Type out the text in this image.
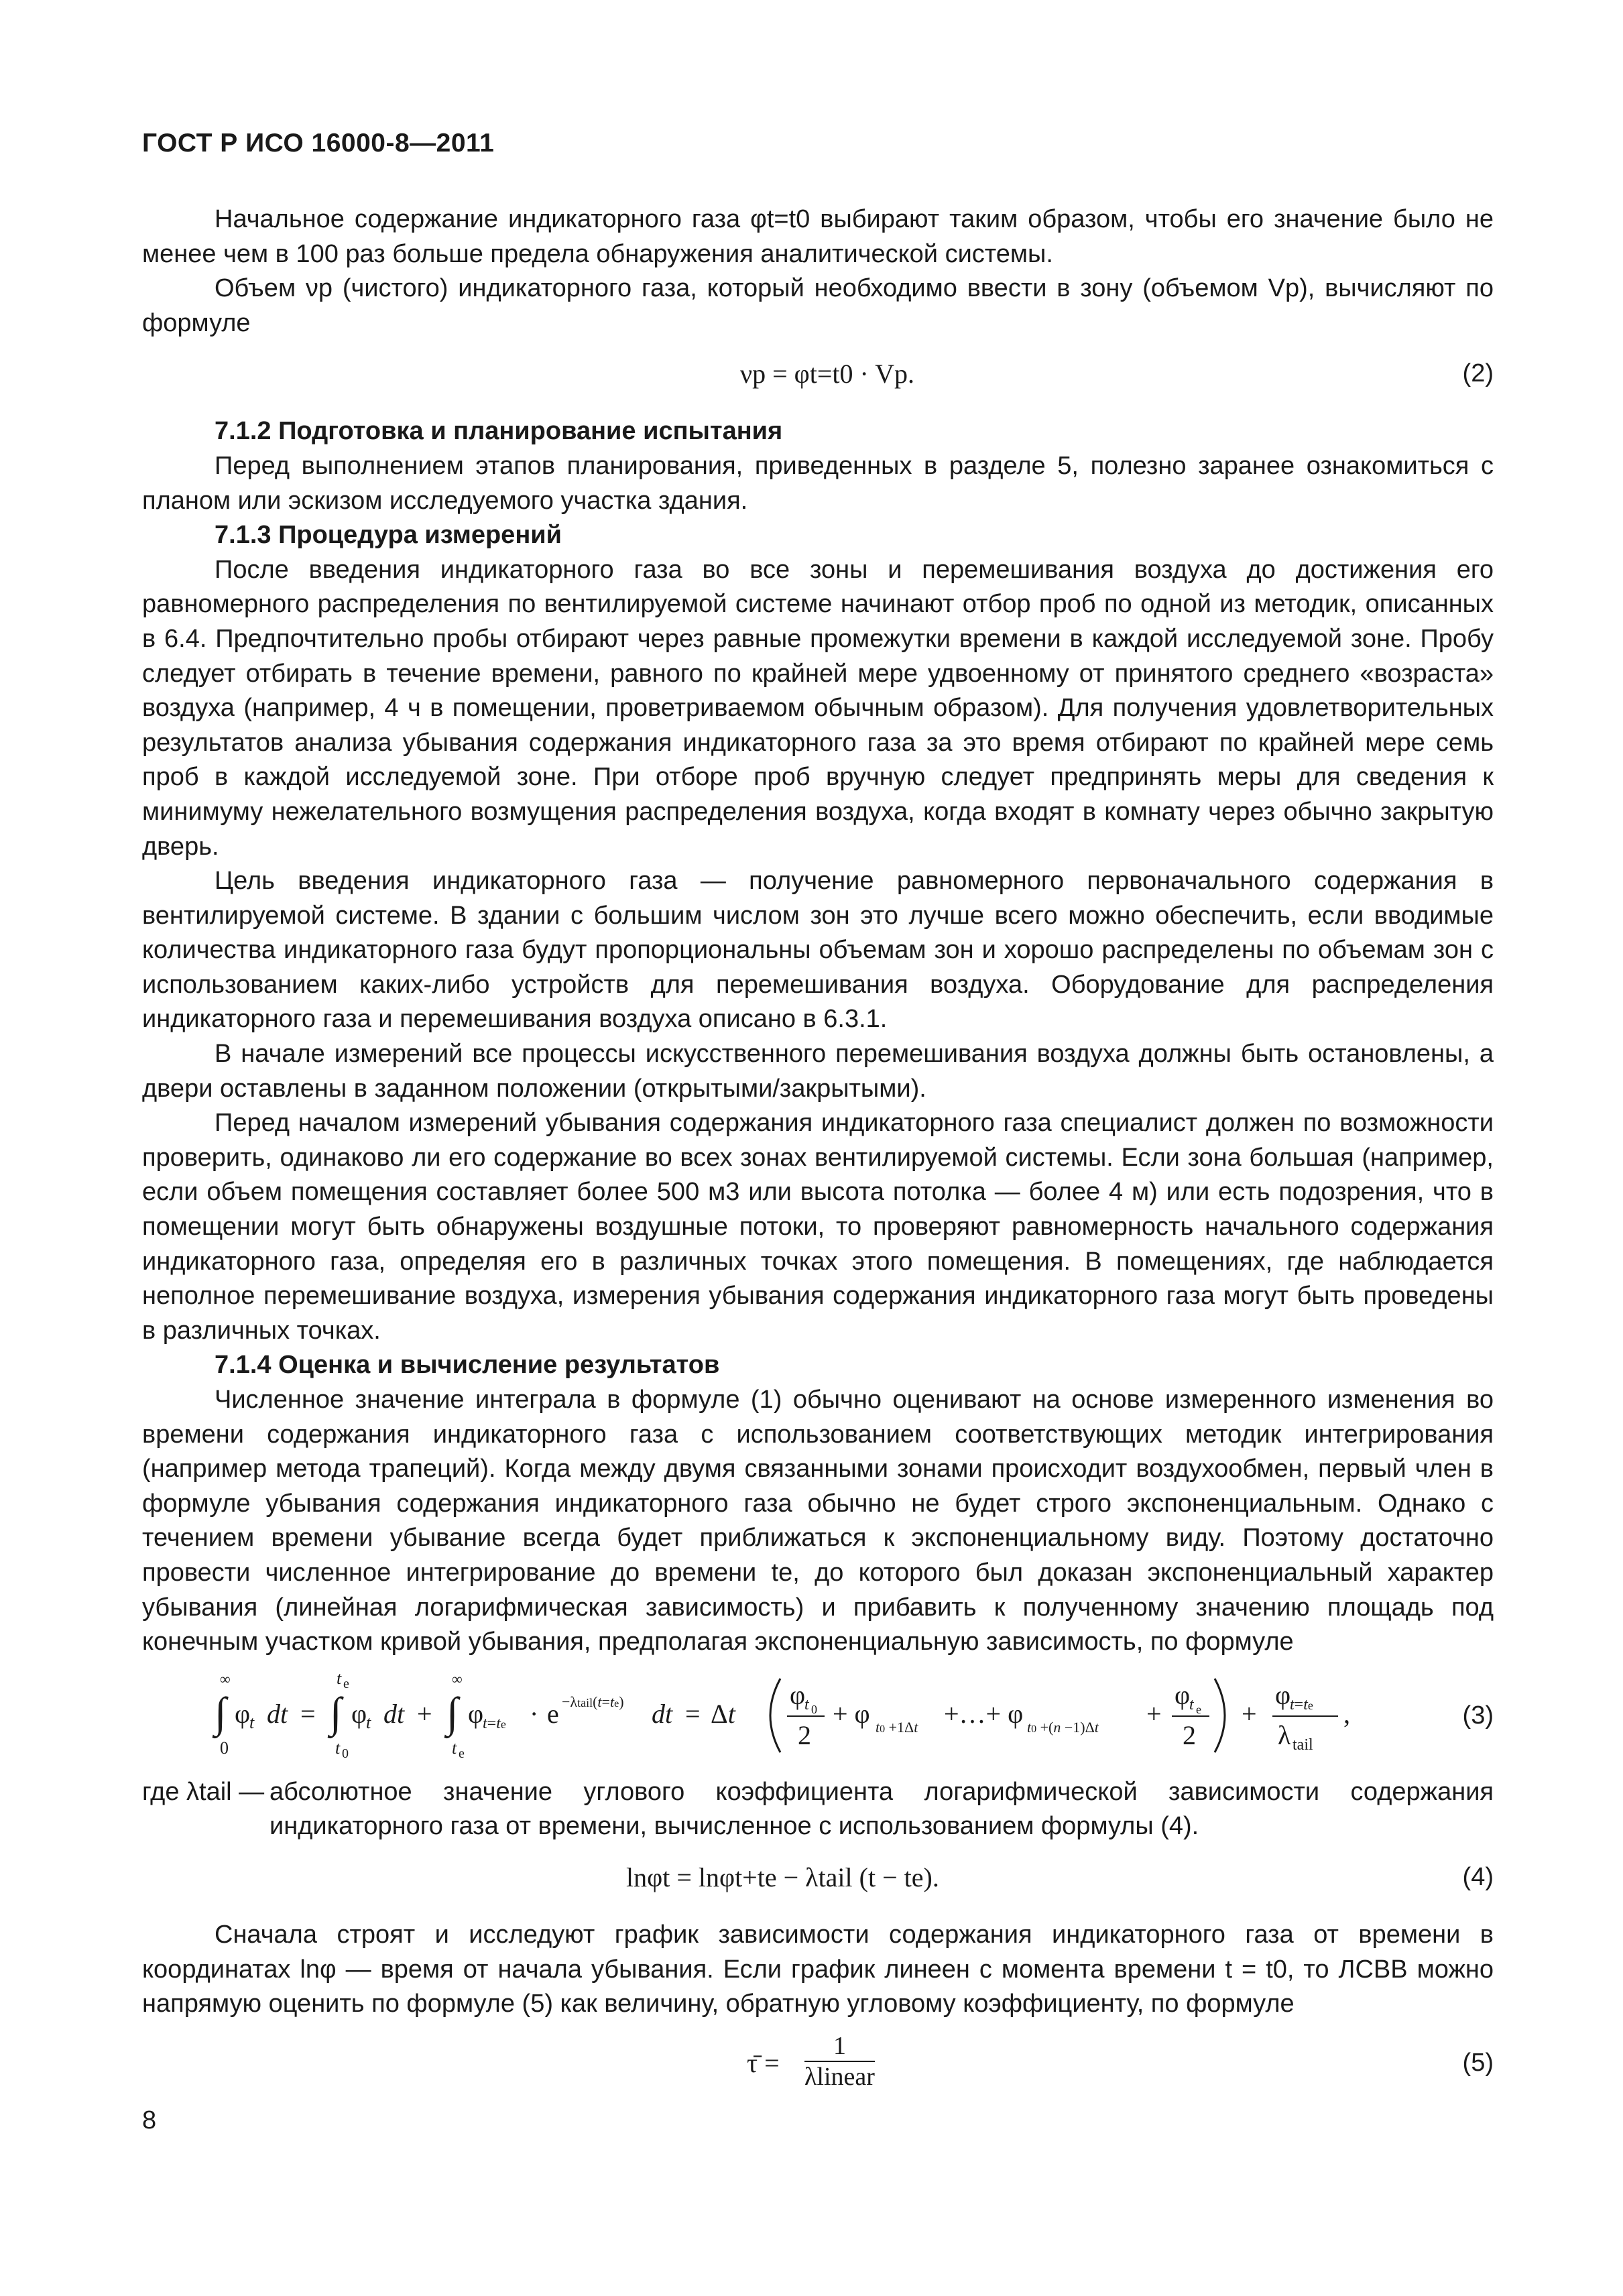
ГОСТ Р ИСО 16000-8—2011

Начальное содержание индикаторного газа φt=t0 выбирают таким образом, чтобы его значение было не менее чем в 100 раз больше предела обнаружения аналитической системы.

Объем νp (чистого) индикаторного газа, который необходимо ввести в зону (объемом Vp), вычисляют по формуле

νp = φt=t0 · Vp.	(2)
7.1.2 Подготовка и планирование испытания

Перед выполнением этапов планирования, приведенных в разделе 5, полезно заранее ознакомиться с планом или эскизом исследуемого участка здания.

7.1.3 Процедура измерений

После введения индикаторного газа во все зоны и перемешивания воздуха до достижения его равномерного распределения по вентилируемой системе начинают отбор проб по одной из методик, описанных в 6.4. Предпочтительно пробы отбирают через равные промежутки времени в каждой исследуемой зоне. Пробу следует отбирать в течение времени, равного по крайней мере удвоенному от принятого среднего «возраста» воздуха (например, 4 ч в помещении, проветриваемом обычным образом). Для получения удовлетворительных результатов анализа убывания содержания индикаторного газа за это время отбирают по крайней мере семь проб в каждой исследуемой зоне. При отборе проб вручную следует предпринять меры для сведения к минимуму нежелательного возмущения распределения воздуха, когда входят в комнату через обычно закрытую дверь.

Цель введения индикаторного газа — получение равномерного первоначального содержания в вентилируемой системе. В здании с большим числом зон это лучше всего можно обеспечить, если вводимые количества индикаторного газа будут пропорциональны объемам зон и хорошо распределены по объемам зон с использованием каких-либо устройств для перемешивания воздуха. Оборудование для распределения индикаторного газа и перемешивания воздуха описано в 6.3.1.

В начале измерений все процессы искусственного перемешивания воздуха должны быть остановлены, а двери оставлены в заданном положении (открытыми/закрытыми).

Перед началом измерений убывания содержания индикаторного газа специалист должен по возможности проверить, одинаково ли его содержание во всех зонах вентилируемой системы. Если зона большая (например, если объем помещения составляет более 500 м3 или высота потолка — более 4 м) или есть подозрения, что в помещении могут быть обнаружены воздушные потоки, то проверяют равномерность начального содержания индикаторного газа, определяя его в различных точках этого помещения. В помещениях, где наблюдается неполное перемешивание воздуха, измерения убывания содержания индикаторного газа могут быть проведены в различных точках.

7.1.4 Оценка и вычисление результатов

Численное значение интеграла в формуле (1) обычно оценивают на основе измеренного изменения во времени содержания индикаторного газа с использованием соответствующих методик интегрирования (например метода трапеций). Когда между двумя связанными зонами происходит воздухообмен, первый член в формуле убывания содержания индикаторного газа обычно не будет строго экспоненциальным. Однако с течением времени убывание всегда будет приближаться к экспоненциальному виду. Поэтому достаточно провести численное интегрирование до времени te, до которого был доказан экспоненциальный характер убывания (линейная логарифмическая зависимость) и прибавить к полученному значению площадь под конечным участком кривой убывания, предполагая экспоненциальную зависимость, по формуле

∫
∞
0
φ
t dt = ∫
t e
t 0
φ
t dt + ∫
∞
t e
φ
t=te · e −λtail(t=te) dt = Δt
φ
t 0
2
+ φ t0 +1Δt +…+ φ t0 +(n −1)Δt +
φ
t e
2
+
φ
t=te
λ tail
,	(3)
где λtail — абсолютное значение углового коэффициента логарифмической зависимости содержания индикаторного газа от времени, вычисленное с использованием формулы (4).
lnφt = lnφt+te − λtail (t − te).	(4)

Сначала строят и исследуют график зависимости содержания индикаторного газа от времени в координатах lnφ — время от начала убывания. Если график линеен с момента времени t = t0, то ЛСВВ можно напрямую оценить по формуле (5) как величину, обратную угловому коэффициенту, по формуле

τ̄ =
1
λlinear	(5)
8
